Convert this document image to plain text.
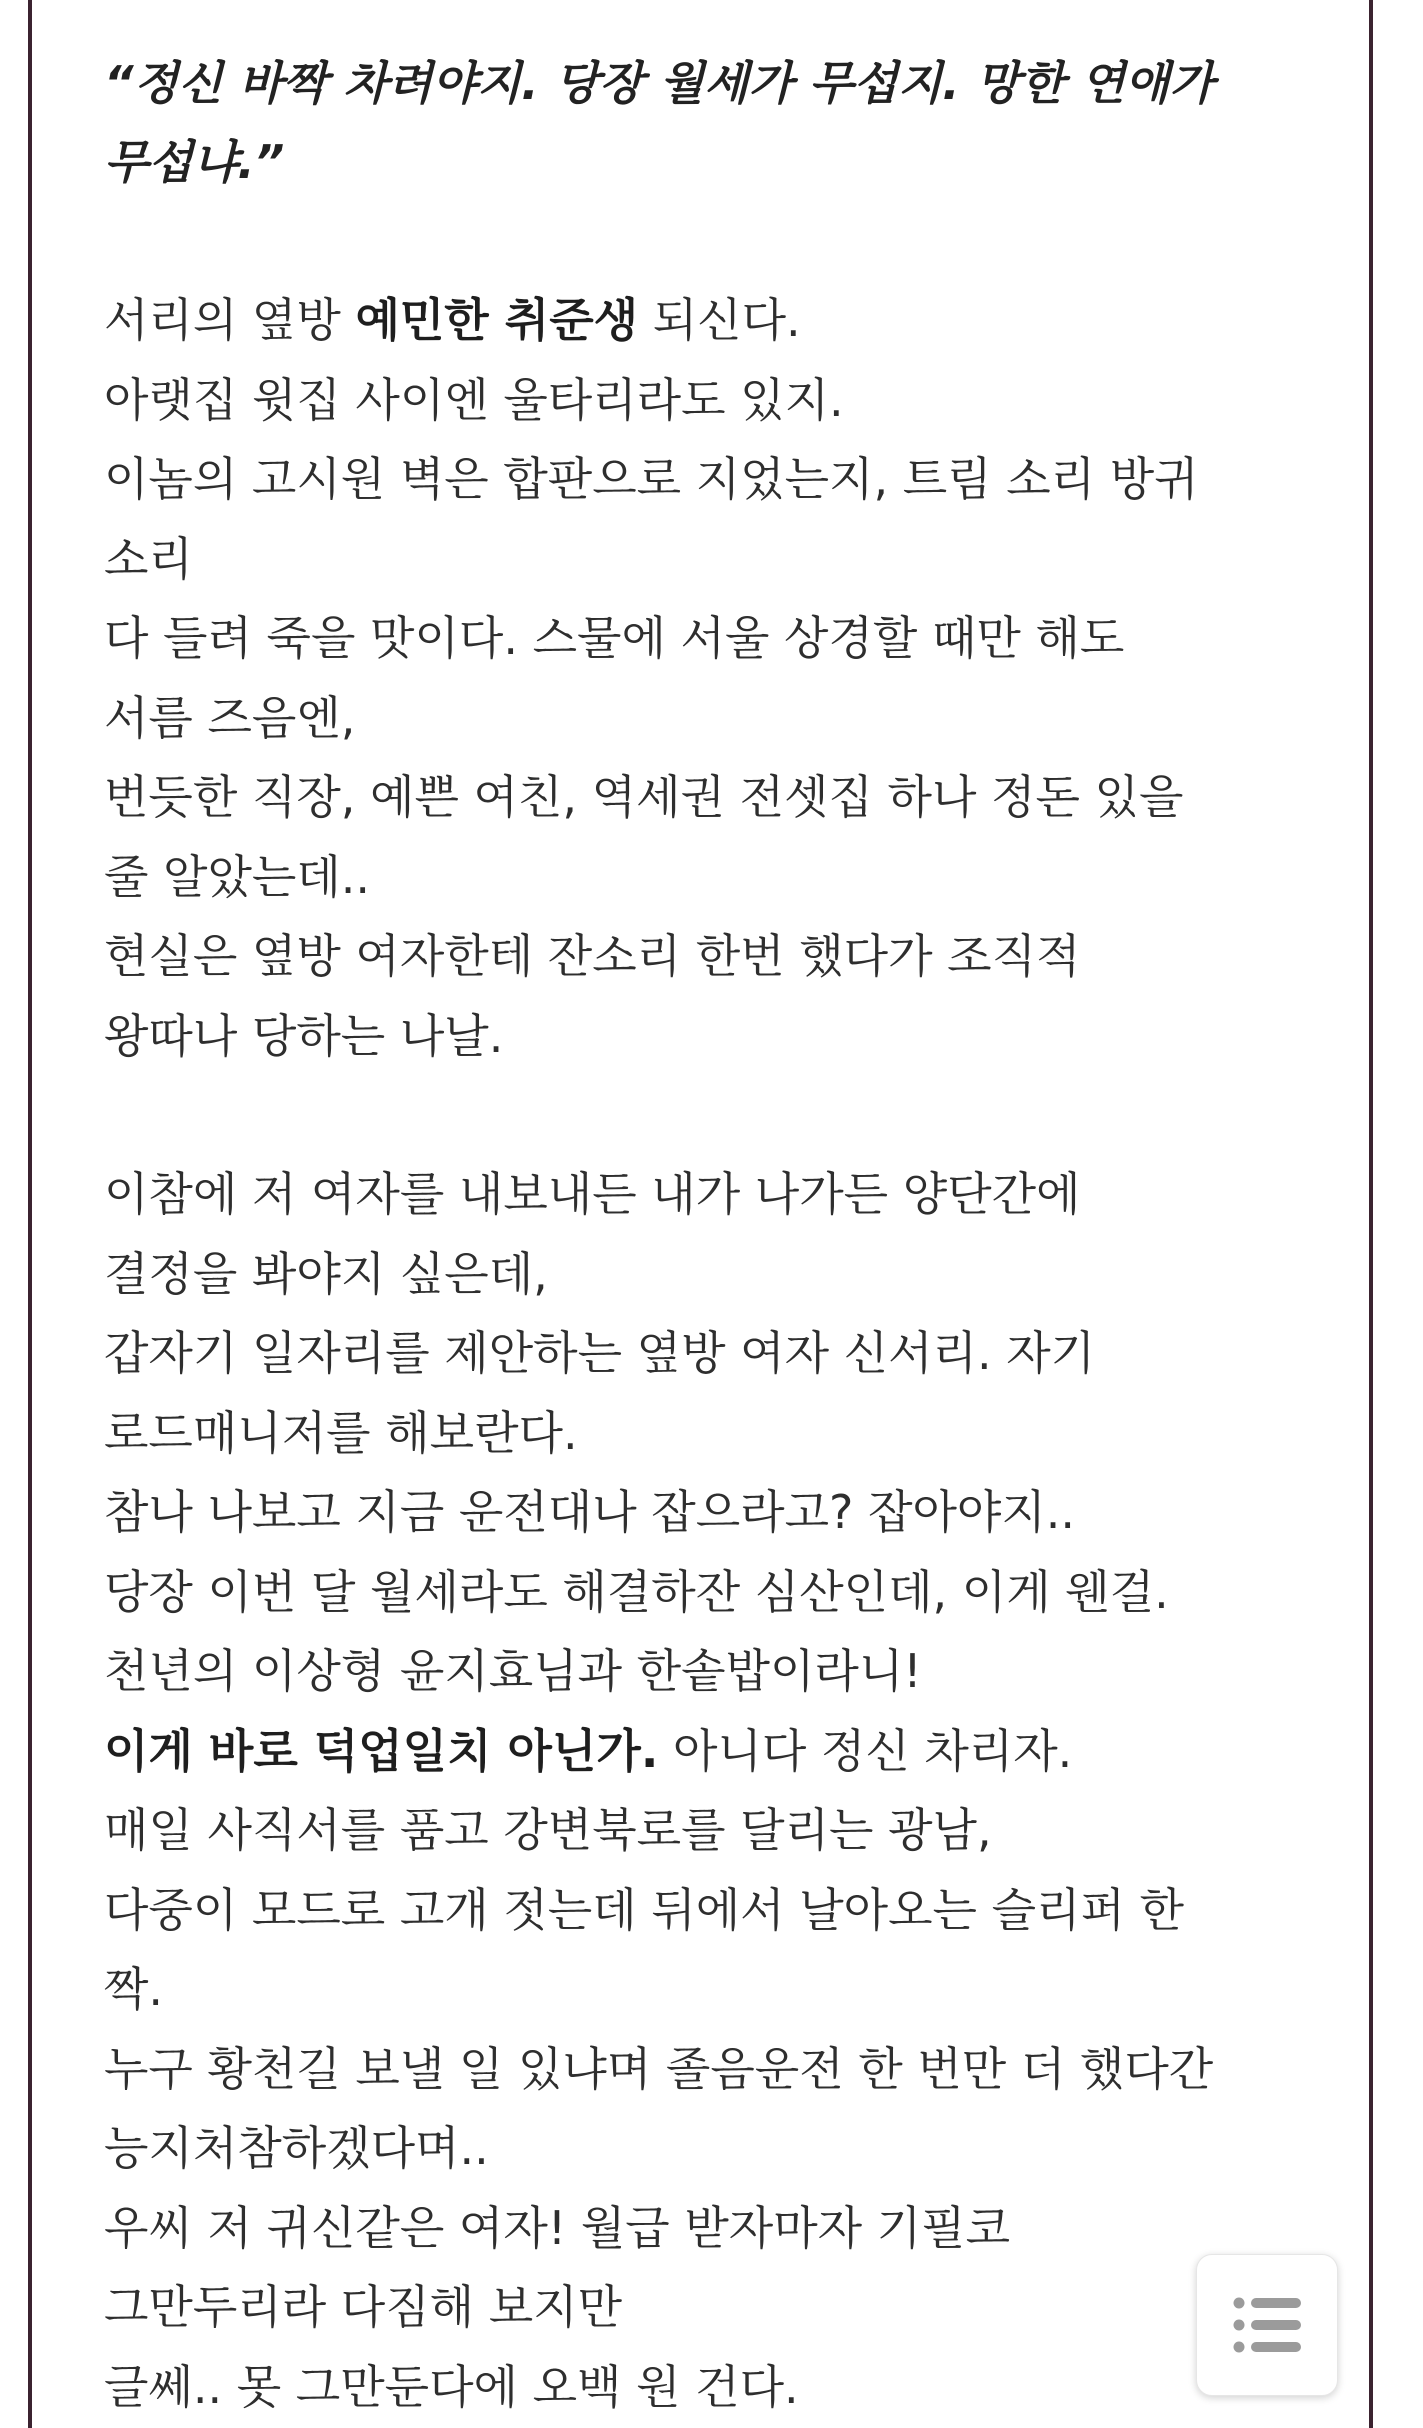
“정신 바짝 차려야지. 당장 월세가 무섭지. 망한 연애가
무섭냐.”

서리의 옆방 예민한 취준생 되신다.
아랫집 윗집 사이엔 울타리라도 있지.
이놈의 고시원 벽은 합판으로 지었는지, 트림 소리 방귀
소리
다 들려 죽을 맛이다. 스물에 서울 상경할 때만 해도
서름 즈음엔,
번듯한 직장, 예쁜 여친, 역세권 전셋집 하나 정돈 있을
줄 알았는데..
현실은 옆방 여자한테 잔소리 한번 했다가 조직적
왕따나 당하는 나날.

이참에 저 여자를 내보내든 내가 나가든 양단간에
결정을 봐야지 싶은데,
갑자기 일자리를 제안하는 옆방 여자 신서리. 자기
로드매니저를 해보란다.
참나 나보고 지금 운전대나 잡으라고? 잡아야지..
당장 이번 달 월세라도 해결하잔 심산인데, 이게 웬걸.
천년의 이상형 윤지효님과 한솥밥이라니!
이게 바로 덕업일치 아닌가. 아니다 정신 차리자.
매일 사직서를 품고 강변북로를 달리는 광남,
다중이 모드로 고개 젓는데 뒤에서 날아오는 슬리퍼 한
짝.
누구 황천길 보낼 일 있냐며 졸음운전 한 번만 더 했다간
능지처참하겠다며..
우씨 저 귀신같은 여자! 월급 받자마자 기필코
그만두리라 다짐해 보지만
글쎄.. 못 그만둔다에 오백 원 건다.
